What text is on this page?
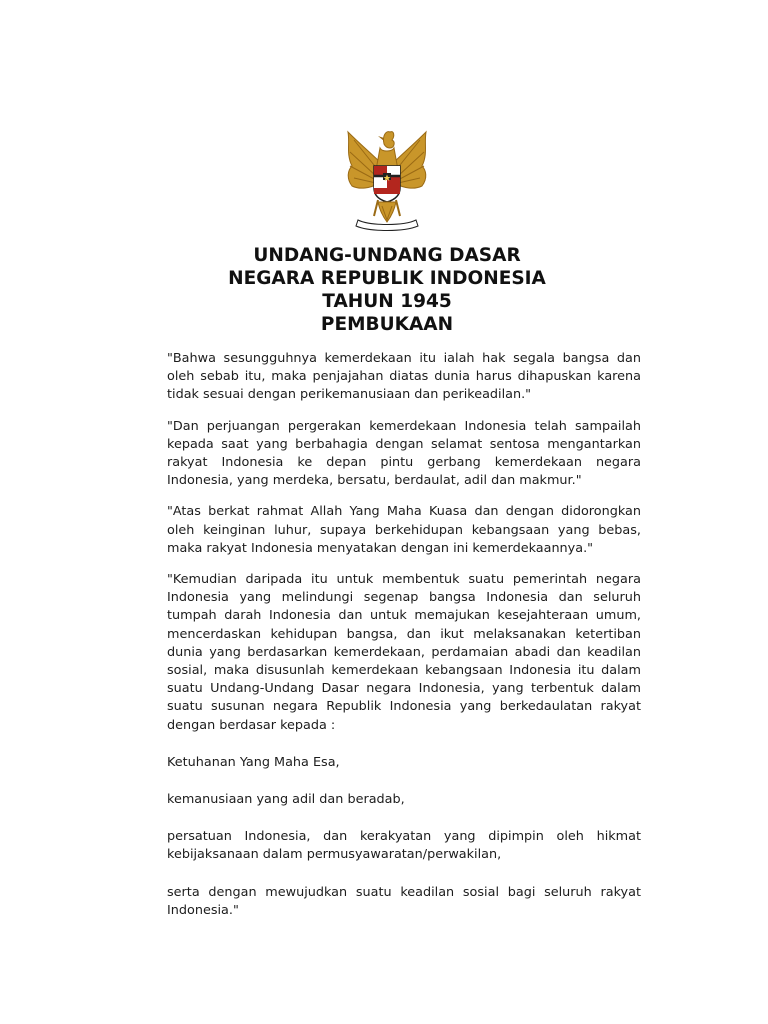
UNDANG-UNDANG DASAR
NEGARA REPUBLIK INDONESIA
TAHUN 1945
PEMBUKAAN

"Bahwa sesungguhnya kemerdekaan itu ialah hak segala bangsa dan oleh sebab itu, maka penjajahan diatas dunia harus dihapuskan karena tidak sesuai dengan perikemanusiaan dan perikeadilan."

"Dan perjuangan pergerakan kemerdekaan Indonesia telah sampailah kepada saat yang berbahagia dengan selamat sentosa mengantarkan rakyat Indonesia ke depan pintu gerbang kemerdekaan negara Indonesia, yang merdeka, bersatu, berdaulat, adil dan makmur."

"Atas berkat rahmat Allah Yang Maha Kuasa dan dengan didorongkan oleh keinginan luhur, supaya berkehidupan kebangsaan yang bebas, maka rakyat Indonesia menyatakan dengan ini kemerdekaannya."

"Kemudian daripada itu untuk membentuk suatu pemerintah negara Indonesia yang melindungi segenap bangsa Indonesia dan seluruh tumpah darah Indonesia dan untuk memajukan kesejahteraan umum, mencerdaskan kehidupan bangsa, dan ikut melaksanakan ketertiban dunia yang berdasarkan kemerdekaan, perdamaian abadi dan keadilan sosial, maka disusunlah kemerdekaan kebangsaan Indonesia itu dalam suatu Undang-Undang Dasar negara Indonesia, yang terbentuk dalam suatu susunan negara Republik Indonesia yang berkedaulatan rakyat dengan berdasar kepada :

Ketuhanan Yang Maha Esa,

kemanusiaan yang adil dan beradab,

persatuan Indonesia, dan kerakyatan yang dipimpin oleh hikmat kebijaksanaan dalam permusyawaratan/perwakilan,

serta dengan mewujudkan suatu keadilan sosial bagi seluruh rakyat Indonesia."
